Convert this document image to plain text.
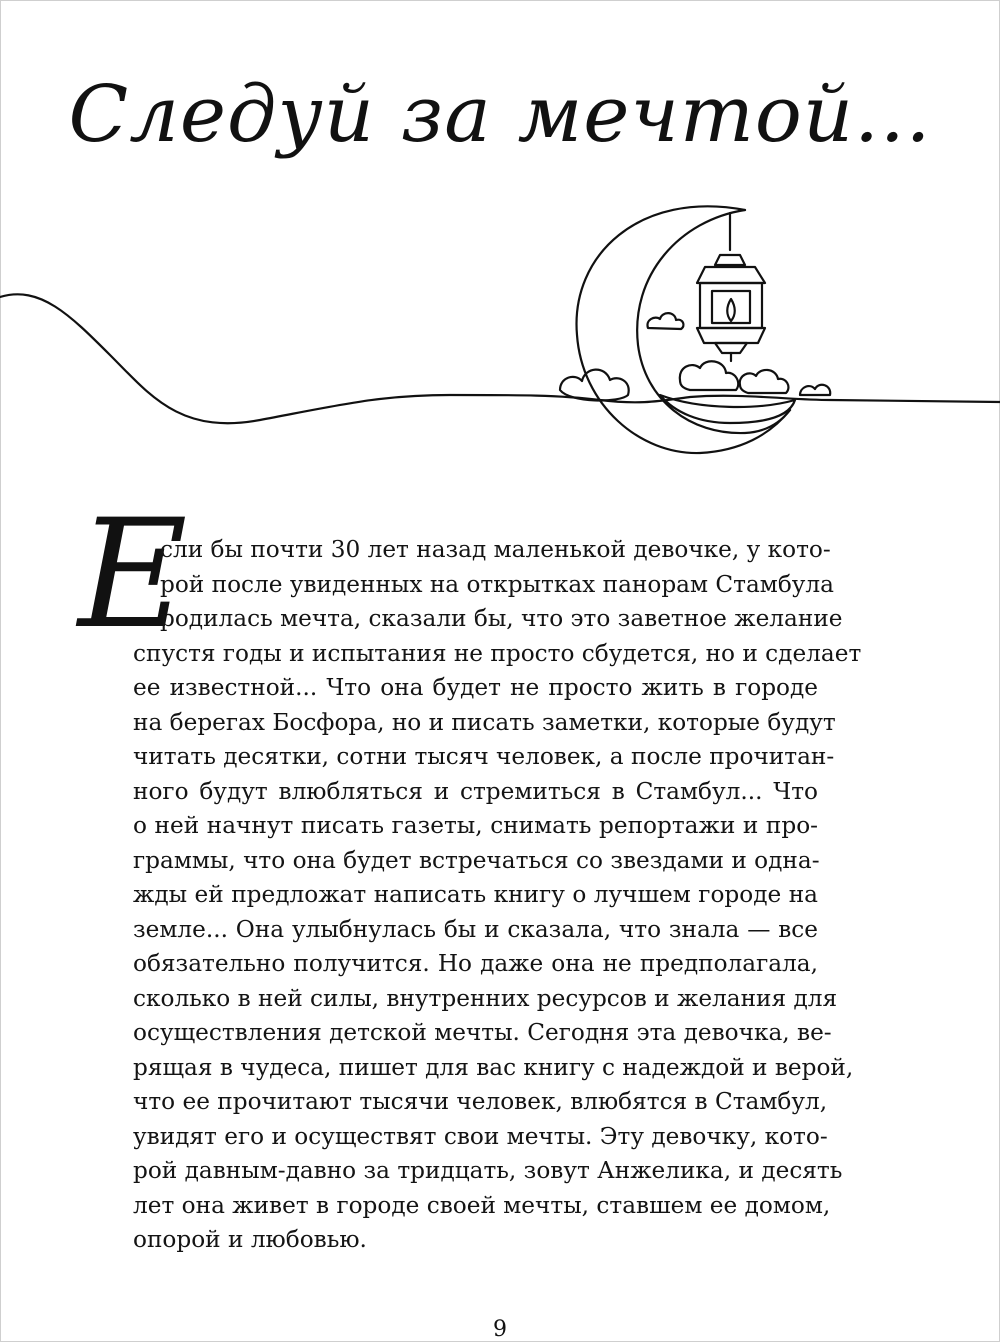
Следуй за мечтой...
Е
сли бы почти 30 лет назад маленькой девочке, у кото-
рой после увиденных на открытках панорам Стамбула
родилась мечта, сказали бы, что это заветное желание
спустя годы и испытания не просто сбудется, но и сделает
ее известной... Что она будет не просто жить в городе
на берегах Босфора, но и писать заметки, которые будут
читать десятки, сотни тысяч человек, а после прочитан-
ного будут влюбляться и стремиться в Стамбул... Что
о ней начнут писать газеты, снимать репортажи и про-
граммы, что она будет встречаться со звездами и одна-
жды ей предложат написать книгу о лучшем городе на
земле... Она улыбнулась бы и сказала, что знала — все
обязательно получится. Но даже она не предполагала,
сколько в ней силы, внутренних ресурсов и желания для
осуществления детской мечты. Сегодня эта девочка, ве-
рящая в чудеса, пишет для вас книгу с надеждой и верой,
что ее прочитают тысячи человек, влюбятся в Стамбул,
увидят его и осуществят свои мечты. Эту девочку, кото-
рой давным-давно за тридцать, зовут Анжелика, и десять
лет она живет в городе своей мечты, ставшем ее домом,
опорой и любовью.
9
